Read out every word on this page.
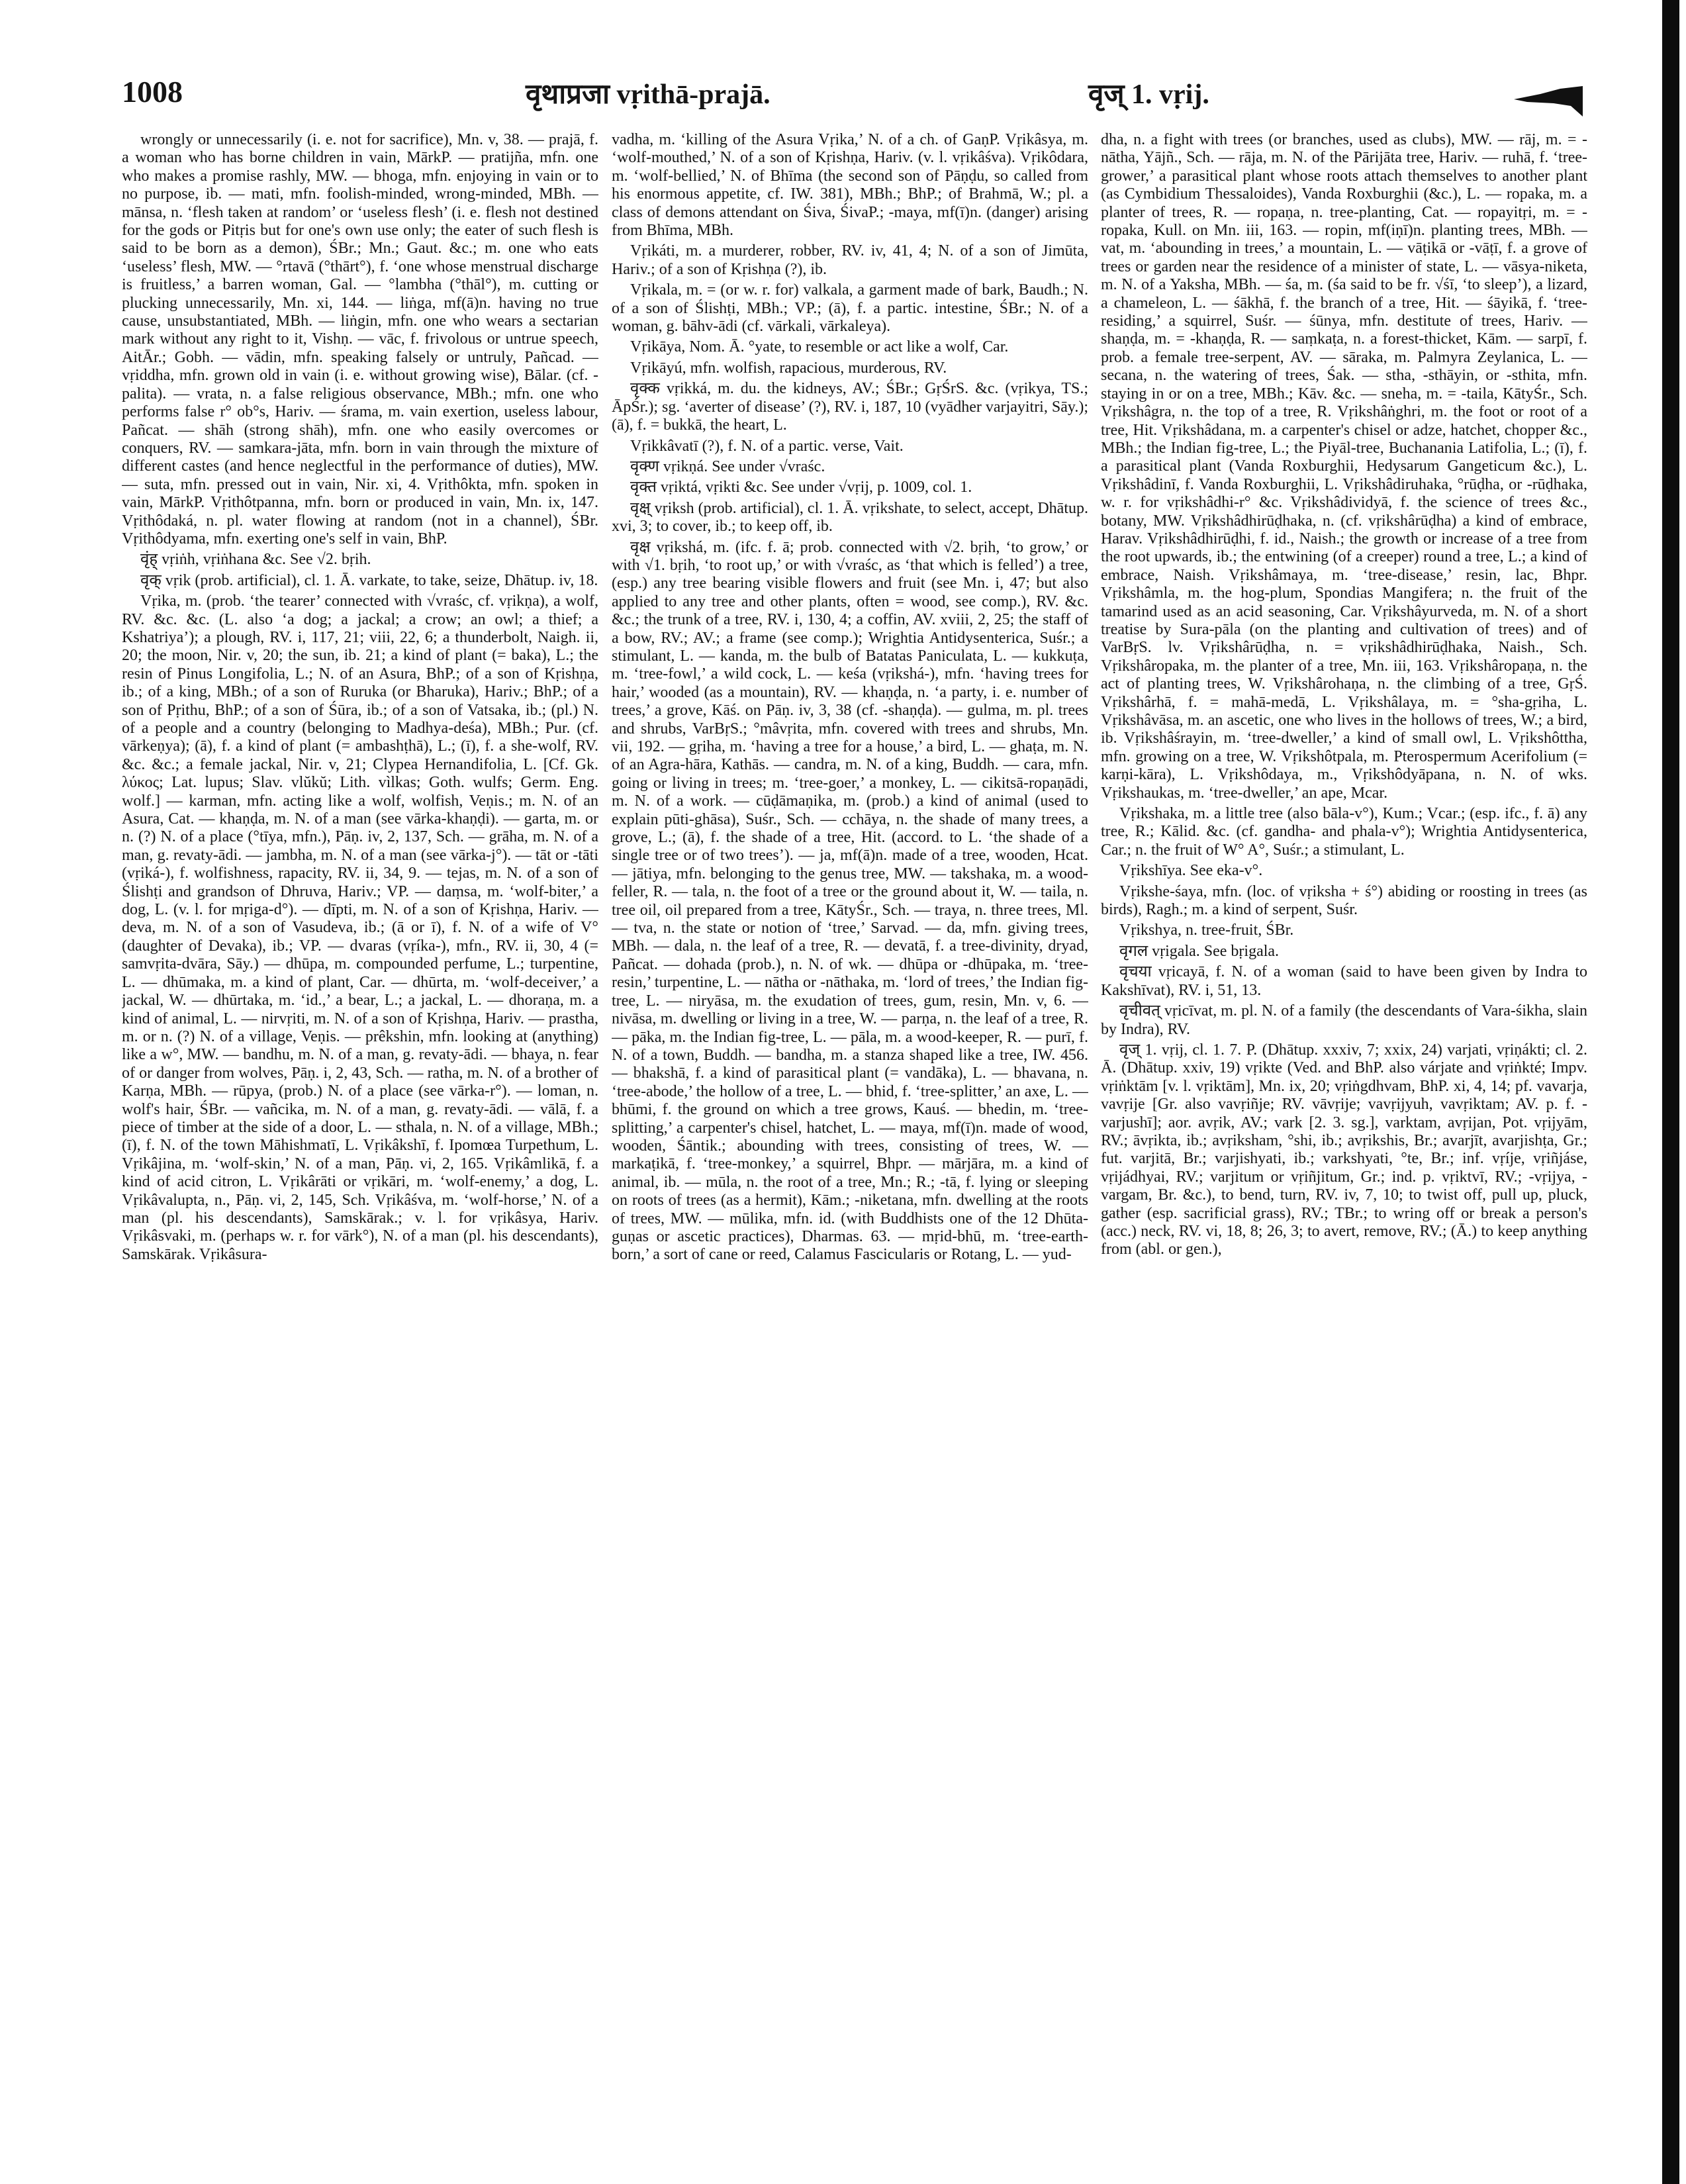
1008	वृथाप्रजा vṛithā-prajā.	वृज् 1. vṛij.

wrongly or unnecessarily (i. e. not for sacrifice), Mn. v, 38. — prajā, f. a woman who has borne children in vain, MārkP. — pratijña, mfn. one who makes a promise rashly, MW. — bhoga, mfn. enjoying in vain or to no purpose, ib. — mati, mfn. foolish-minded, wrong-minded, MBh. — mānsa, n. ‘flesh taken at random’ or ‘useless flesh’ (i. e. flesh not destined for the gods or Pitṛis but for one's own use only; the eater of such flesh is said to be born as a demon), ŚBr.; Mn.; Gaut. &c.; m. one who eats ‘useless’ flesh, MW. — °rtavā (°thārt°), f. ‘one whose menstrual discharge is fruitless,’ a barren woman, Gal. — °lambha (°thāl°), m. cutting or plucking unnecessarily, Mn. xi, 144. — liṅga, mf(ā)n. having no true cause, unsubstantiated, MBh. — liṅgin, mfn. one who wears a sectarian mark without any right to it, Vishṇ. — vāc, f. frivolous or untrue speech, AitĀr.; Gobh. — vādin, mfn. speaking falsely or untruly, Pañcad. — vṛiddha, mfn. grown old in vain (i. e. without growing wise), Bālar. (cf. -palita). — vrata, n. a false religious observance, MBh.; mfn. one who performs false r° ob°s, Hariv. — śrama, m. vain exertion, useless labour, Pañcat. — shāh (strong shāh), mfn. one who easily overcomes or conquers, RV. — samkara-jāta, mfn. born in vain through the mixture of different castes (and hence neglectful in the performance of duties), MW. — suta, mfn. pressed out in vain, Nir. xi, 4. Vṛithôkta, mfn. spoken in vain, MārkP. Vṛithôtpanna, mfn. born or produced in vain, Mn. ix, 147. Vṛithôdaká, n. pl. water flowing at random (not in a channel), ŚBr. Vṛithôdyama, mfn. exerting one's self in vain, BhP.

वृंह् vṛiṅh, vṛiṅhana &c. See √2. bṛih.

वृक् vṛik (prob. artificial), cl. 1. Ā. varkate, to take, seize, Dhātup. iv, 18.

Vṛika, m. (prob. ‘the tearer’ connected with √vraśc, cf. vṛikṇa), a wolf, RV. &c. &c. (L. also ‘a dog; a jackal; a crow; an owl; a thief; a Kshatriya’); a plough, RV. i, 117, 21; viii, 22, 6; a thunderbolt, Naigh. ii, 20; the moon, Nir. v, 20; the sun, ib. 21; a kind of plant (= baka), L.; the resin of Pinus Longifolia, L.; N. of an Asura, BhP.; of a son of Kṛishṇa, ib.; of a king, MBh.; of a son of Ruruka (or Bharuka), Hariv.; BhP.; of a son of Pṛithu, BhP.; of a son of Śūra, ib.; of a son of Vatsaka, ib.; (pl.) N. of a people and a country (belonging to Madhya-deśa), MBh.; Pur. (cf. vārkeṇya); (ā), f. a kind of plant (= ambashṭhā), L.; (ī), f. a she-wolf, RV. &c. &c.; a female jackal, Nir. v, 21; Clypea Hernandifolia, L. [Cf. Gk. λύκος; Lat. lupus; Slav. vlŭkŭ; Lith. vìlkas; Goth. wulfs; Germ. Eng. wolf.] — karman, mfn. acting like a wolf, wolfish, Veṇis.; m. N. of an Asura, Cat. — khaṇḍa, m. N. of a man (see vārka-khaṇḍi). — garta, m. or n. (?) N. of a place (°tīya, mfn.), Pāṇ. iv, 2, 137, Sch. — grāha, m. N. of a man, g. revaty-ādi. — jambha, m. N. of a man (see vārka-j°). — tāt or -tāti (vṛiká-), f. wolfishness, rapacity, RV. ii, 34, 9. — tejas, m. N. of a son of Ślishṭi and grandson of Dhruva, Hariv.; VP. — daṃsa, m. ‘wolf-biter,’ a dog, L. (v. l. for mṛiga-d°). — dīpti, m. N. of a son of Kṛishṇa, Hariv. — deva, m. N. of a son of Vasudeva, ib.; (ā or ī), f. N. of a wife of V° (daughter of Devaka), ib.; VP. — dvaras (vṛíka-), mfn., RV. ii, 30, 4 (= samvṛita-dvāra, Sāy.) — dhūpa, m. compounded perfume, L.; turpentine, L. — dhūmaka, m. a kind of plant, Car. — dhūrta, m. ‘wolf-deceiver,’ a jackal, W. — dhūrtaka, m. ‘id.,’ a bear, L.; a jackal, L. — dhoraṇa, m. a kind of animal, L. — nirvṛiti, m. N. of a son of Kṛishṇa, Hariv. — prastha, m. or n. (?) N. of a village, Veṇis. — prêkshin, mfn. looking at (anything) like a w°, MW. — bandhu, m. N. of a man, g. revaty-ādi. — bhaya, n. fear of or danger from wolves, Pāṇ. i, 2, 43, Sch. — ratha, m. N. of a brother of Karṇa, MBh. — rūpya, (prob.) N. of a place (see vārka-r°). — loman, n. wolf's hair, ŚBr. — vañcika, m. N. of a man, g. revaty-ādi. — vālā, f. a piece of timber at the side of a door, L. — sthala, n. N. of a village, MBh.; (ī), f. N. of the town Māhishmatī, L. Vṛikâkshī, f. Ipomœa Turpethum, L. Vṛikâjina, m. ‘wolf-skin,’ N. of a man, Pāṇ. vi, 2, 165. Vṛikâmlikā, f. a kind of acid citron, L. Vṛikârāti or vṛikāri, m. ‘wolf-enemy,’ a dog, L. Vṛikâvalupta, n., Pāṇ. vi, 2, 145, Sch. Vṛikâśva, m. ‘wolf-horse,’ N. of a man (pl. his descendants), Samskārak.; v. l. for vṛikâsya, Hariv. Vṛikâsvaki, m. (perhaps w. r. for vārk°), N. of a man (pl. his descendants), Samskārak. Vṛikâsura-

vadha, m. ‘killing of the Asura Vṛika,’ N. of a ch. of GaṇP. Vṛikâsya, m. ‘wolf-mouthed,’ N. of a son of Kṛishṇa, Hariv. (v. l. vṛikâśva). Vṛikôdara, m. ‘wolf-bellied,’ N. of Bhīma (the second son of Pāṇḍu, so called from his enormous appetite, cf. IW. 381), MBh.; BhP.; of Brahmā, W.; pl. a class of demons attendant on Śiva, ŚivaP.; -maya, mf(ī)n. (danger) arising from Bhīma, MBh.

Vṛikáti, m. a murderer, robber, RV. iv, 41, 4; N. of a son of Jimūta, Hariv.; of a son of Kṛishṇa (?), ib.

Vṛikala, m. = (or w. r. for) valkala, a garment made of bark, Baudh.; N. of a son of Ślishṭi, MBh.; VP.; (ā), f. a partic. intestine, ŚBr.; N. of a woman, g. bāhv-ādi (cf. vārkali, vārkaleya).

Vṛikāya, Nom. Ā. °yate, to resemble or act like a wolf, Car.

Vṛikāyú, mfn. wolfish, rapacious, murderous, RV.

वृक्क vṛikká, m. du. the kidneys, AV.; ŚBr.; GṛŚrS. &c. (vṛikya, TS.; ĀpŚr.); sg. ‘averter of disease’ (?), RV. i, 187, 10 (vyādher varjayitri, Sāy.); (ā), f. = bukkā, the heart, L.

Vṛikkâvatī (?), f. N. of a partic. verse, Vait.

वृक्ण vṛikṇá. See under √vraśc.

वृक्त vṛiktá, vṛikti &c. See under √vṛij, p. 1009, col. 1.

वृक्ष् vṛiksh (prob. artificial), cl. 1. Ā. vṛikshate, to select, accept, Dhātup. xvi, 3; to cover, ib.; to keep off, ib.

वृक्ष vṛikshá, m. (ifc. f. ā; prob. connected with √2. bṛih, ‘to grow,’ or with √1. bṛih, ‘to root up,’ or with √vraśc, as ‘that which is felled’) a tree, (esp.) any tree bearing visible flowers and fruit (see Mn. i, 47; but also applied to any tree and other plants, often = wood, see comp.), RV. &c. &c.; the trunk of a tree, RV. i, 130, 4; a coffin, AV. xviii, 2, 25; the staff of a bow, RV.; AV.; a frame (see comp.); Wrightia Antidysenterica, Suśr.; a stimulant, L. — kanda, m. the bulb of Batatas Paniculata, L. — kukkuṭa, m. ‘tree-fowl,’ a wild cock, L. — keśa (vṛikshá-), mfn. ‘having trees for hair,’ wooded (as a mountain), RV. — khaṇḍa, n. ‘a party, i. e. number of trees,’ a grove, Kāś. on Pāṇ. iv, 3, 38 (cf. -shaṇḍa). — gulma, m. pl. trees and shrubs, VarBṛS.; °mâvṛita, mfn. covered with trees and shrubs, Mn. vii, 192. — gṛiha, m. ‘having a tree for a house,’ a bird, L. — ghaṭa, m. N. of an Agra-hāra, Kathās. — candra, m. N. of a king, Buddh. — cara, mfn. going or living in trees; m. ‘tree-goer,’ a monkey, L. — cikitsā-ropaṇādi, m. N. of a work. — cūḍāmaṇika, m. (prob.) a kind of animal (used to explain pūti-ghāsa), Suśr., Sch. — cchāya, n. the shade of many trees, a grove, L.; (ā), f. the shade of a tree, Hit. (accord. to L. ‘the shade of a single tree or of two trees’). — ja, mf(ā)n. made of a tree, wooden, Hcat. — jātiya, mfn. belonging to the genus tree, MW. — takshaka, m. a wood-feller, R. — tala, n. the foot of a tree or the ground about it, W. — taila, n. tree oil, oil prepared from a tree, KātyŚr., Sch. — traya, n. three trees, Ml. — tva, n. the state or notion of ‘tree,’ Sarvad. — da, mfn. giving trees, MBh. — dala, n. the leaf of a tree, R. — devatā, f. a tree-divinity, dryad, Pañcat. — dohada (prob.), n. N. of wk. — dhūpa or -dhūpaka, m. ‘tree-resin,’ turpentine, L. — nātha or -nāthaka, m. ‘lord of trees,’ the Indian fig-tree, L. — niryāsa, m. the exudation of trees, gum, resin, Mn. v, 6. — nivāsa, m. dwelling or living in a tree, W. — parṇa, n. the leaf of a tree, R. — pāka, m. the Indian fig-tree, L. — pāla, m. a wood-keeper, R. — purī, f. N. of a town, Buddh. — bandha, m. a stanza shaped like a tree, IW. 456. — bhakshā, f. a kind of parasitical plant (= vandāka), L. — bhavana, n. ‘tree-abode,’ the hollow of a tree, L. — bhid, f. ‘tree-splitter,’ an axe, L. — bhūmi, f. the ground on which a tree grows, Kauś. — bhedin, m. ‘tree-splitting,’ a carpenter's chisel, hatchet, L. — maya, mf(ī)n. made of wood, wooden, Śāntik.; abounding with trees, consisting of trees, W. — markaṭikā, f. ‘tree-monkey,’ a squirrel, Bhpr. — mārjāra, m. a kind of animal, ib. — mūla, n. the root of a tree, Mn.; R.; -tā, f. lying or sleeping on roots of trees (as a hermit), Kām.; -niketana, mfn. dwelling at the roots of trees, MW. — mūlika, mfn. id. (with Buddhists one of the 12 Dhūta-guṇas or ascetic practices), Dharmas. 63. — mṛid-bhū, m. ‘tree-earth-born,’ a sort of cane or reed, Calamus Fascicularis or Rotang, L. — yud-

dha, n. a fight with trees (or branches, used as clubs), MW. — rāj, m. = -nātha, Yājñ., Sch. — rāja, m. N. of the Pārijāta tree, Hariv. — ruhā, f. ‘tree-grower,’ a parasitical plant whose roots attach themselves to another plant (as Cymbidium Thessaloides), Vanda Roxburghii (&c.), L. — ropaka, m. a planter of trees, R. — ropaṇa, n. tree-planting, Cat. — ropayitṛi, m. = -ropaka, Kull. on Mn. iii, 163. — ropin, mf(iṇī)n. planting trees, MBh. — vat, m. ‘abounding in trees,’ a mountain, L. — vāṭikā or -vāṭī, f. a grove of trees or garden near the residence of a minister of state, L. — vāsya-niketa, m. N. of a Yaksha, MBh. — śa, m. (śa said to be fr. √śī, ‘to sleep’), a lizard, a chameleon, L. — śākhā, f. the branch of a tree, Hit. — śāyikā, f. ‘tree-residing,’ a squirrel, Suśr. — śūnya, mfn. destitute of trees, Hariv. — shaṇḍa, m. = -khaṇḍa, R. — saṃkaṭa, n. a forest-thicket, Kām. — sarpī, f. prob. a female tree-serpent, AV. — sāraka, m. Palmyra Zeylanica, L. — secana, n. the watering of trees, Śak. — stha, -sthāyin, or -sthita, mfn. staying in or on a tree, MBh.; Kāv. &c. — sneha, m. = -taila, KātyŚr., Sch. Vṛikshâgra, n. the top of a tree, R. Vṛikshâṅghri, m. the foot or root of a tree, Hit. Vṛikshâdana, m. a carpenter's chisel or adze, hatchet, chopper &c., MBh.; the Indian fig-tree, L.; the Piyāl-tree, Buchanania Latifolia, L.; (ī), f. a parasitical plant (Vanda Roxburghii, Hedysarum Gangeticum &c.), L. Vṛikshâdinī, f. Vanda Roxburghii, L. Vṛikshâdiruhaka, °rūḍha, or -rūḍhaka, w. r. for vṛikshâdhi-r° &c. Vṛikshâdividyā, f. the science of trees &c., botany, MW. Vṛikshâdhirūḍhaka, n. (cf. vṛikshârūḍha) a kind of embrace, Harav. Vṛikshâdhirūḍhi, f. id., Naish.; the growth or increase of a tree from the root upwards, ib.; the entwining (of a creeper) round a tree, L.; a kind of embrace, Naish. Vṛikshâmaya, m. ‘tree-disease,’ resin, lac, Bhpr. Vṛikshâmla, m. the hog-plum, Spondias Mangifera; n. the fruit of the tamarind used as an acid seasoning, Car. Vṛikshâyurveda, m. N. of a short treatise by Sura-pāla (on the planting and cultivation of trees) and of VarBṛS. lv. Vṛikshârūḍha, n. = vṛikshâdhirūḍhaka, Naish., Sch. Vṛikshâropaka, m. the planter of a tree, Mn. iii, 163. Vṛikshâropaṇa, n. the act of planting trees, W. Vṛikshârohaṇa, n. the climbing of a tree, GṛŚ. Vṛikshârhā, f. = mahā-medā, L. Vṛikshâlaya, m. = °sha-gṛiha, L. Vṛikshâvāsa, m. an ascetic, one who lives in the hollows of trees, W.; a bird, ib. Vṛikshâśrayin, m. ‘tree-dweller,’ a kind of small owl, L. Vṛikshôttha, mfn. growing on a tree, W. Vṛikshôtpala, m. Pterospermum Acerifolium (= karṇi-kāra), L. Vṛikshôdaya, m., Vṛikshôdyāpana, n. N. of wks. Vṛikshaukas, m. ‘tree-dweller,’ an ape, Mcar.

Vṛikshaka, m. a little tree (also bāla-v°), Kum.; Vcar.; (esp. ifc., f. ā) any tree, R.; Kālid. &c. (cf. gandha- and phala-v°); Wrightia Antidysenterica, Car.; n. the fruit of W° A°, Suśr.; a stimulant, L.

Vṛikshīya. See eka-v°.

Vṛikshe-śaya, mfn. (loc. of vṛiksha + ś°) abiding or roosting in trees (as birds), Ragh.; m. a kind of serpent, Suśr.

Vṛikshya, n. tree-fruit, ŚBr.

वृगल vṛigala. See bṛigala.

वृचया vṛicayā, f. N. of a woman (said to have been given by Indra to Kakshīvat), RV. i, 51, 13.

वृचीवत् vṛicīvat, m. pl. N. of a family (the descendants of Vara-śikha, slain by Indra), RV.

वृज् 1. vṛij, cl. 1. 7. P. (Dhātup. xxxiv, 7; xxix, 24) varjati, vṛiṇákti; cl. 2. Ā. (Dhātup. xxiv, 19) vṛikte (Ved. and BhP. also várjate and vṛiṅkté; Impv. vṛiṅktām [v. l. vṛiktām], Mn. ix, 20; vṛiṅgdhvam, BhP. xi, 4, 14; pf. vavarja, vavṛije [Gr. also vavṛiñje; RV. vāvṛije; vavṛijyuh, vavṛiktam; AV. p. f. -varjushī]; aor. avṛik, AV.; vark [2. 3. sg.], varktam, avṛijan, Pot. vṛijyām, RV.; āvṛikta, ib.; avṛiksham, °shi, ib.; avṛikshis, Br.; avarjīt, avarjishṭa, Gr.; fut. varjitā, Br.; varjishyati, ib.; varkshyati, °te, Br.; inf. vṛíje, vṛiñjáse, vṛijádhyai, RV.; varjitum or vṛiñjitum, Gr.; ind. p. vṛiktvī, RV.; -vṛijya, -vargam, Br. &c.), to bend, turn, RV. iv, 7, 10; to twist off, pull up, pluck, gather (esp. sacrificial grass), RV.; TBr.; to wring off or break a person's (acc.) neck, RV. vi, 18, 8; 26, 3; to avert, remove, RV.; (Ā.) to keep anything from (abl. or gen.),
